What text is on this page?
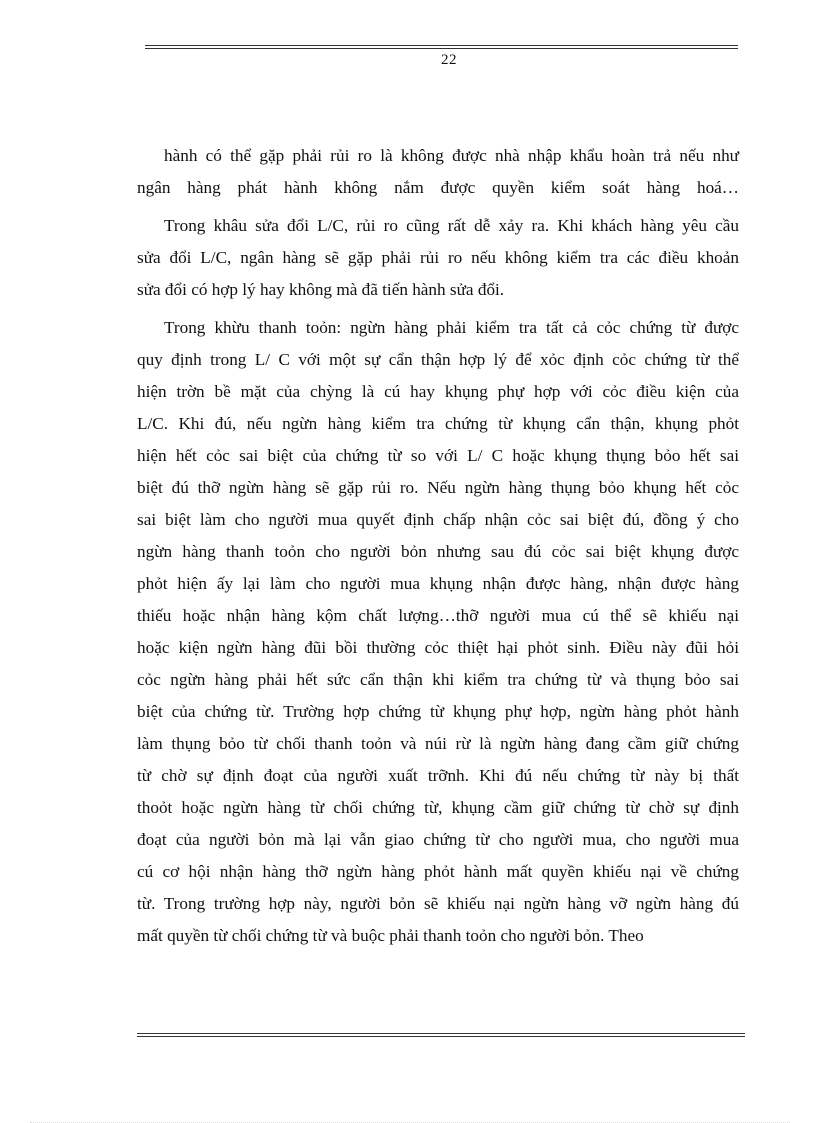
22
hành có thể gặp phải rủi ro là không được nhà nhập khẩu hoàn trả nếu như
ngân hàng phát hành không nắm được quyền kiểm soát hàng hoá…
Trong khâu sửa đổi L/C, rủi ro cũng rất dễ xảy ra. Khi khách hàng yêu cầu
sửa đổi L/C, ngân hàng sẽ gặp phải rủi ro nếu không kiểm tra các điều khoản
sửa đổi có hợp lý hay không mà đã tiến hành sửa đổi.
Trong khừu thanh toỏn: ngừn hàng phải kiểm tra tất cả cỏc chứng từ được
quy định trong L/ C với một sự cẩn thận hợp lý để xỏc định cỏc chứng từ thể
hiện trờn bề mặt của chỳng là cú hay khụng phự hợp với cỏc điều kiện của
L/C. Khi đú, nếu ngừn hàng kiểm tra chứng từ khụng cẩn thận, khụng phỏt
hiện hết cỏc sai biệt của chứng từ so với L/ C hoặc khụng thụng bỏo hết sai
biệt đú thỡ ngừn hàng sẽ gặp rủi ro. Nếu ngừn hàng thụng bỏo khụng hết cỏc
sai biệt làm cho người mua quyết định chấp nhận cỏc sai biệt đú, đồng ý cho
ngừn hàng thanh toỏn cho người bỏn nhưng sau đú cỏc sai biệt khụng được
phỏt hiện ấy lại làm cho người mua khụng nhận được hàng, nhận được hàng
thiếu hoặc nhận hàng kộm chất lượng…thỡ người mua cú thể sẽ khiếu nại
hoặc kiện ngừn hàng đũi bồi thường cỏc thiệt hại phỏt sinh. Điều này đũi hỏi
cỏc ngừn hàng phải hết sức cẩn thận khi kiểm tra chứng từ và thụng bỏo sai
biệt của chứng từ. Trường hợp chứng từ khụng phự hợp, ngừn hàng phỏt hành
làm thụng bỏo từ chối thanh toỏn và núi rừ là ngừn hàng đang cầm giữ chứng
từ chờ sự định đoạt của người xuất trỡnh. Khi đú nếu chứng từ này bị thất
thoỏt hoặc ngừn hàng từ chối chứng từ, khụng cầm giữ chứng từ chờ sự định
đoạt của người bỏn mà lại vẫn giao chứng từ cho người mua, cho người mua
cú cơ hội nhận hàng thỡ ngừn hàng phỏt hành mất quyền khiếu nại về chứng
từ. Trong trường hợp này, người bỏn sẽ khiếu nại ngừn hàng vỡ ngừn hàng đú
mất quyền từ chối chứng từ và buộc phải thanh toỏn cho người bỏn. Theo
